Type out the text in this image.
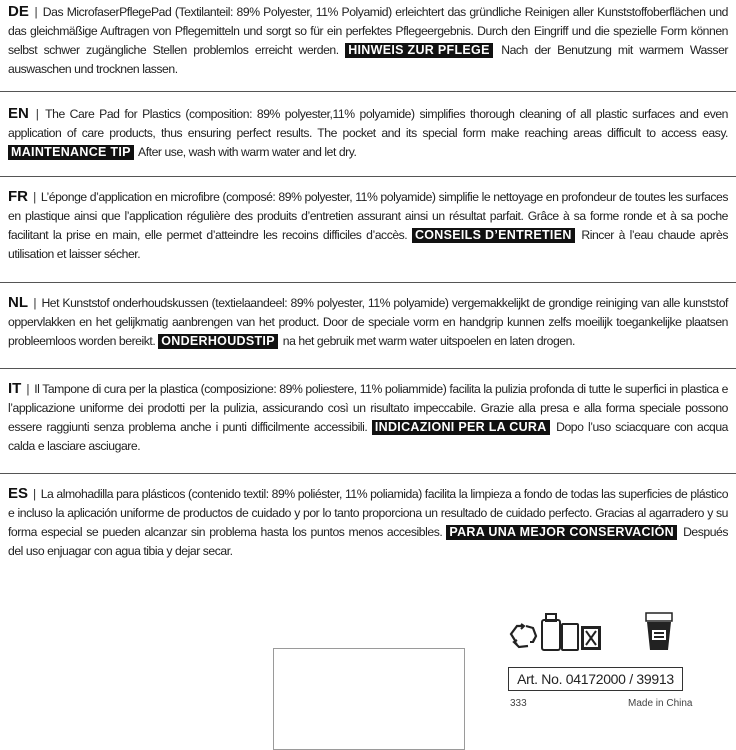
DE | Das MicrofaserPflegePad (Textilanteil: 89% Polyester, 11% Polyamid) erleichtert das gründliche Reinigen aller Kunststoffoberflächen und das gleichmäßige Auftragen von Pflegemitteln und sorgt so für ein perfektes Pflegeergebnis. Durch den Eingriff und die spezielle Form können selbst schwer zugängliche Stellen problemlos erreicht werden. HINWEIS ZUR PFLEGE Nach der Benutzung mit warmem Wasser auswaschen und trocknen lassen.
EN | The Care Pad for Plastics (composition: 89% polyester,11% polyamide) simplifies thorough cleaning of all plastic surfaces and even application of care products, thus ensuring perfect results. The pocket and its special form make reaching areas difficult to access easy. MAINTENANCE TIP After use, wash with warm water and let dry.
FR | L’éponge d’application en microfibre (composé: 89% polyester, 11% polyamide) simplifie le nettoyage en profondeur de toutes les surfaces en plastique ainsi que l’application régulière des produits d’entretien assurant ainsi un résultat parfait. Grâce à sa forme ronde et à sa poche facilitant la prise en main, elle permet d’atteindre les recoins difficiles d’accès. CONSEILS D’ENTRETIEN Rincer à l’eau chaude après utilisation et laisser sécher.
NL | Het Kunststof onderhoudskussen (textielaandeel: 89% polyester, 11% polyamide) vergemakkelijkt de grondige reiniging van alle kunststof oppervlakken en het gelijkmatig aanbrengen van het product. Door de speciale vorm en handgrip kunnen zelfs moeilijk toegankelijke plaatsen probleemloos worden bereikt. ONDERHOUDSTIP na het gebruik met warm water uitspoelen en laten drogen.
IT | Il Tampone di cura per la plastica (composizione: 89% poliestere, 11% poliammide) facilita la pulizia profonda di tutte le superfici in plastica e l’applicazione uniforme dei prodotti per la pulizia, assicurando così un risultato impeccabile. Grazie alla presa e alla forma speciale possono essere raggiunti senza problema anche i punti difficilmente accessibili. INDICAZIONI PER LA CURA Dopo l’uso sciacquare con acqua calda e lasciare asciugare.
ES | La almohadilla para plásticos (contenido textil: 89% poliéster, 11% poliamida) facilita la limpieza a fondo de todas las superficies de plástico e incluso la aplicación uniforme de productos de cuidado y por lo tanto proporciona un resultado de cuidado perfecto. Gracias al agarradero y su forma especial se pueden alcanzar sin problema hasta los puntos menos accesibles. PARA UNA MEJOR CONSERVACIÓN Después del uso enjuagar con agua tibia y dejar secar.
Art. No. 04172000 / 39913
333	Made in China
